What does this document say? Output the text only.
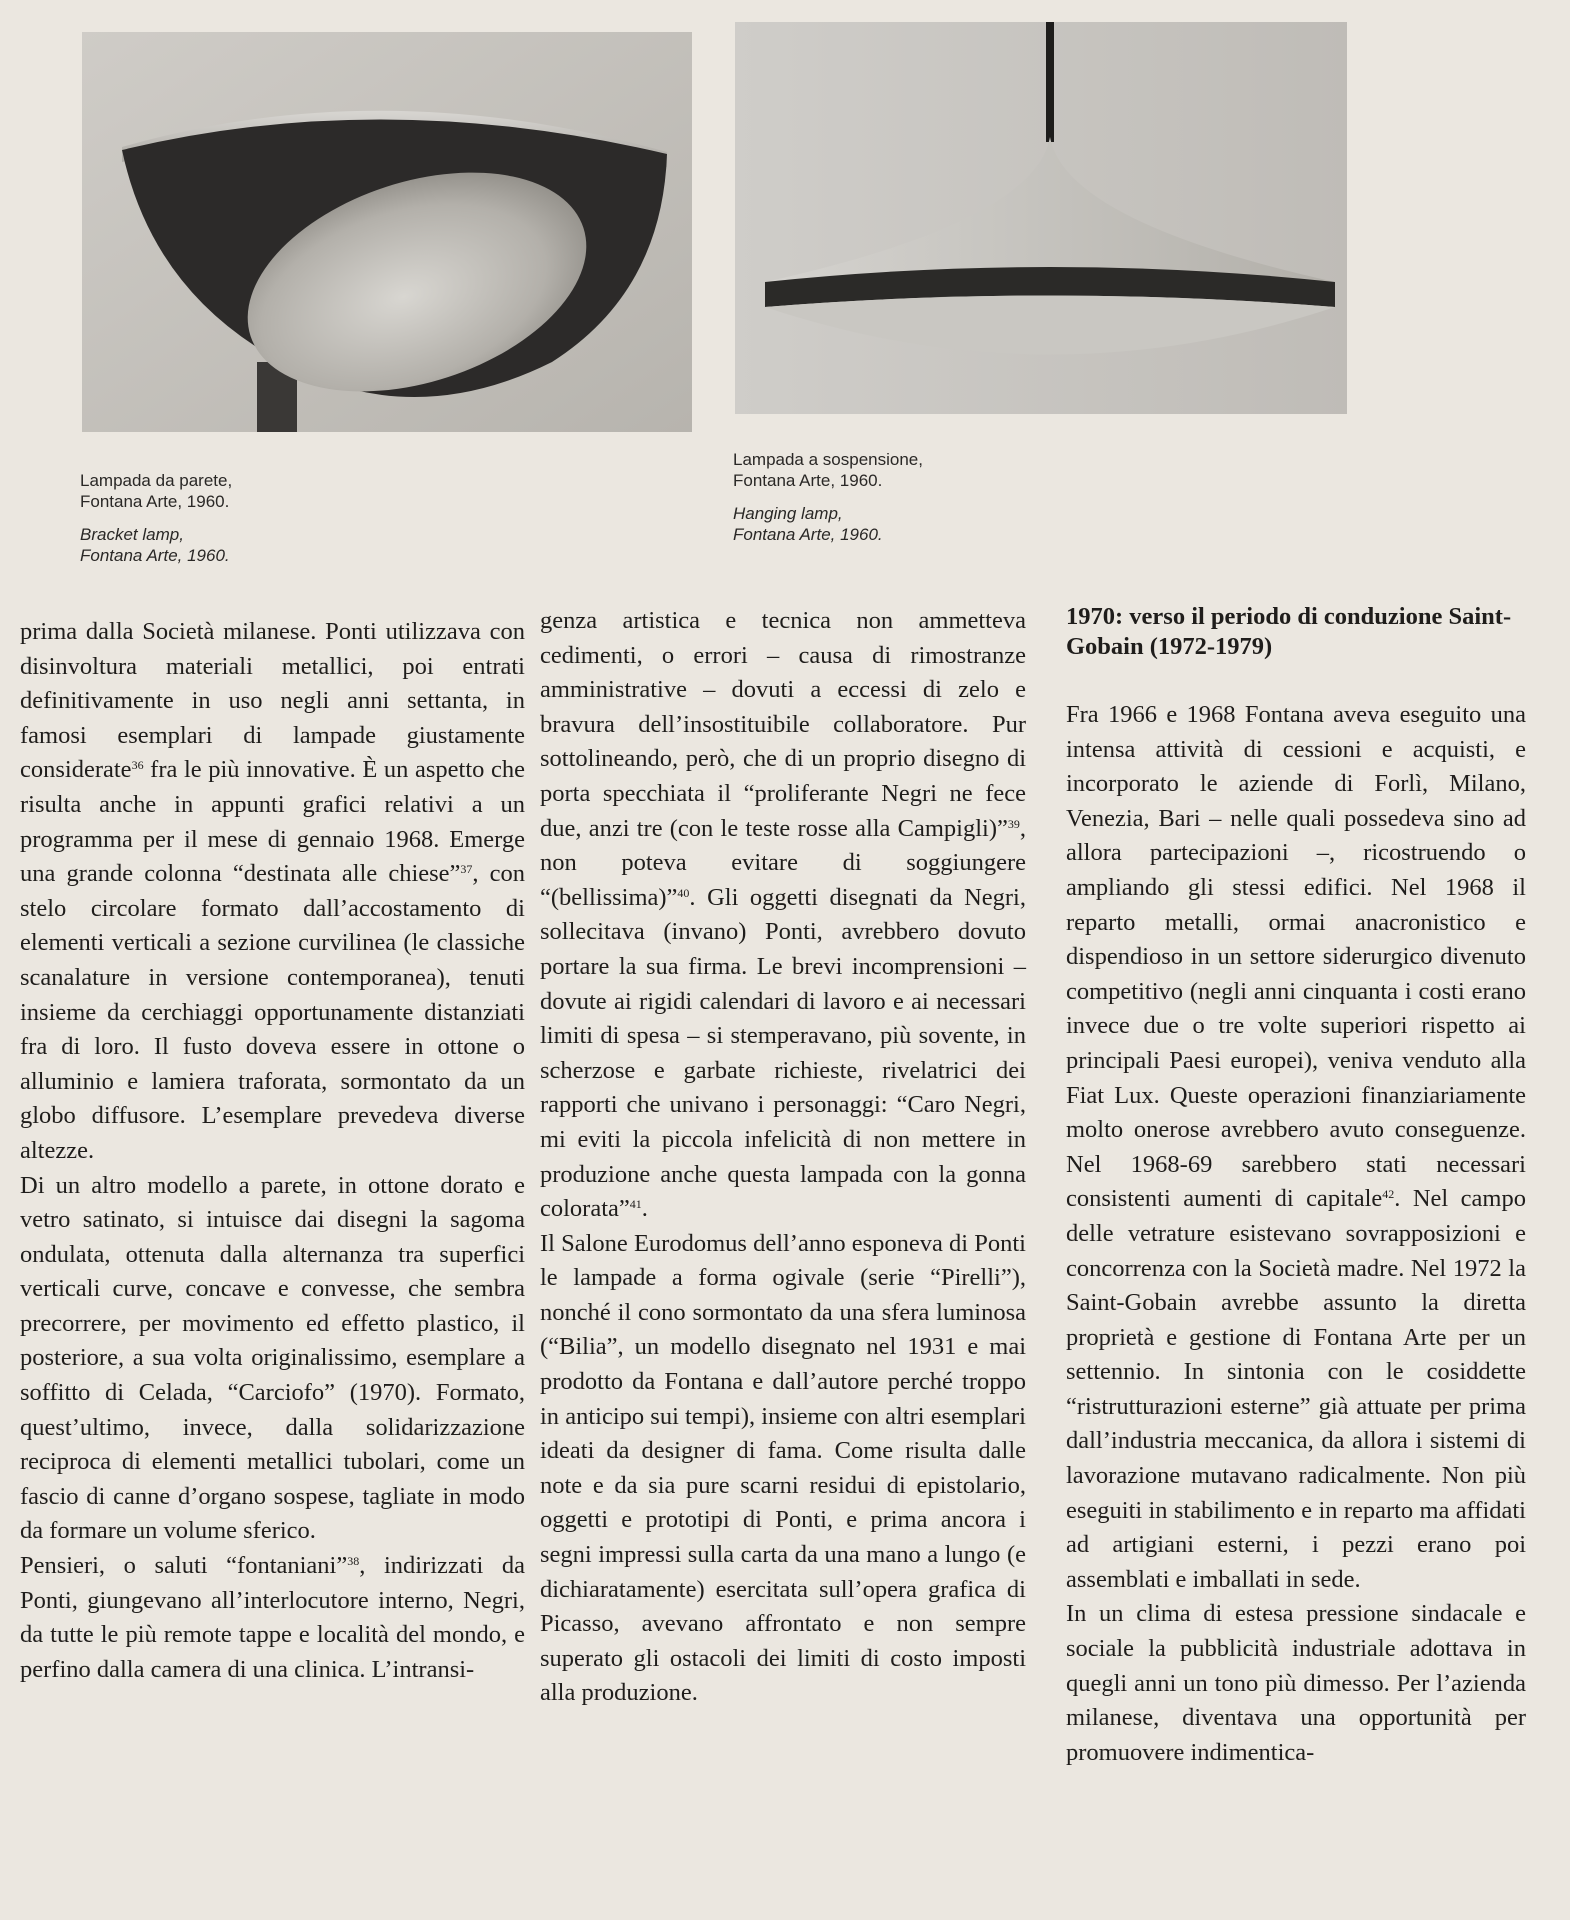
Lampada da parete,

Fontana Arte, 1960.

Bracket lamp,

Fontana Arte, 1960.

Lampada a sospensione,

Fontana Arte, 1960.

Hanging lamp,

Fontana Arte, 1960.

prima dalla Società milanese. Ponti utilizzava con disinvoltura materiali metallici, poi entrati definitivamente in uso negli anni settanta, in famosi esemplari di lampade giustamente considerate$^{36}$ fra le più innovative. È un aspetto che risulta anche in appunti grafici relativi a un programma per il mese di gennaio 1968. Emerge una grande colonna “destinata alle chiese”$^{37}$, con stelo circolare formato dall’accostamento di elementi verticali a sezione curvilinea (le classiche scanalature in versione contemporanea), tenuti insieme da cerchiaggi opportunamente distanziati fra di loro. Il fusto doveva essere in ottone o alluminio e lamiera traforata, sormontato da un globo diffusore. L’esemplare prevedeva diverse altezze.

Di un altro modello a parete, in ottone dorato e vetro satinato, si intuisce dai disegni la sagoma ondulata, ottenuta dalla alternanza tra superfici verticali curve, concave e convesse, che sembra precorrere, per movimento ed effetto plastico, il posteriore, a sua volta originalissimo, esemplare a soffitto di Celada, “Carciofo” (1970). Formato, quest’ultimo, invece, dalla solidarizzazione reciproca di elementi metallici tubolari, come un fascio di canne d’organo sospese, tagliate in modo da formare un volume sferico.

Pensieri, o saluti “fontaniani”$^{38}$, indirizzati da Ponti, giungevano all’interlocutore interno, Negri, da tutte le più remote tappe e località del mondo, e perfino dalla camera di una clinica. L’intransi-

genza artistica e tecnica non ammetteva cedimenti, o errori – causa di rimostranze amministrative – dovuti a eccessi di zelo e bravura dell’insostituibile collaboratore. Pur sottolineando, però, che di un proprio disegno di porta specchiata il “proliferante Negri ne fece due, anzi tre (con le teste rosse alla Campigli)”$^{39}$, non poteva evitare di soggiungere “(bellissima)”$^{40}$. Gli oggetti disegnati da Negri, sollecitava (invano) Ponti, avrebbero dovuto portare la sua firma. Le brevi incomprensioni – dovute ai rigidi calendari di lavoro e ai necessari limiti di spesa – si stemperavano, più sovente, in scherzose e garbate richieste, rivelatrici dei rapporti che univano i personaggi: “Caro Negri, mi eviti la piccola infelicità di non mettere in produzione anche questa lampada con la gonna colorata”$^{41}$.

Il Salone Eurodomus dell’anno esponeva di Ponti le lampade a forma ogivale (serie “Pirelli”), nonché il cono sormontato da una sfera luminosa (“Bilia”, un modello disegnato nel 1931 e mai prodotto da Fontana e dall’autore perché troppo in anticipo sui tempi), insieme con altri esemplari ideati da designer di fama. Come risulta dalle note e da sia pure scarni residui di epistolario, oggetti e prototipi di Ponti, e prima ancora i segni impressi sulla carta da una mano a lungo (e dichiaratamente) esercitata sull’opera grafica di Picasso, avevano affrontato e non sempre superato gli ostacoli dei limiti di costo imposti alla produzione.

1970: verso il periodo di conduzione Saint-Gobain (1972-1979)

Fra 1966 e 1968 Fontana aveva eseguito una intensa attività di cessioni e acquisti, e incorporato le aziende di Forlì, Milano, Venezia, Bari – nelle quali possedeva sino ad allora partecipazioni –, ricostruendo o ampliando gli stessi edifici. Nel 1968 il reparto metalli, ormai anacronistico e dispendioso in un settore siderurgico divenuto competitivo (negli anni cinquanta i costi erano invece due o tre volte superiori rispetto ai principali Paesi europei), veniva venduto alla Fiat Lux. Queste operazioni finanziariamente molto onerose avrebbero avuto conseguenze. Nel 1968-69 sarebbero stati necessari consistenti aumenti di capitale$^{42}$. Nel campo delle vetrature esistevano sovrapposizioni e concorrenza con la Società madre. Nel 1972 la Saint-Gobain avrebbe assunto la diretta proprietà e gestione di Fontana Arte per un settennio. In sintonia con le cosiddette “ristrutturazioni esterne” già attuate per prima dall’industria meccanica, da allora i sistemi di lavorazione mutavano radicalmente. Non più eseguiti in stabilimento e in reparto ma affidati ad artigiani esterni, i pezzi erano poi assemblati e imballati in sede.

In un clima di estesa pressione sindacale e sociale la pubblicità industriale adottava in quegli anni un tono più dimesso. Per l’azienda milanese, diventava una opportunità per promuovere indimentica-
